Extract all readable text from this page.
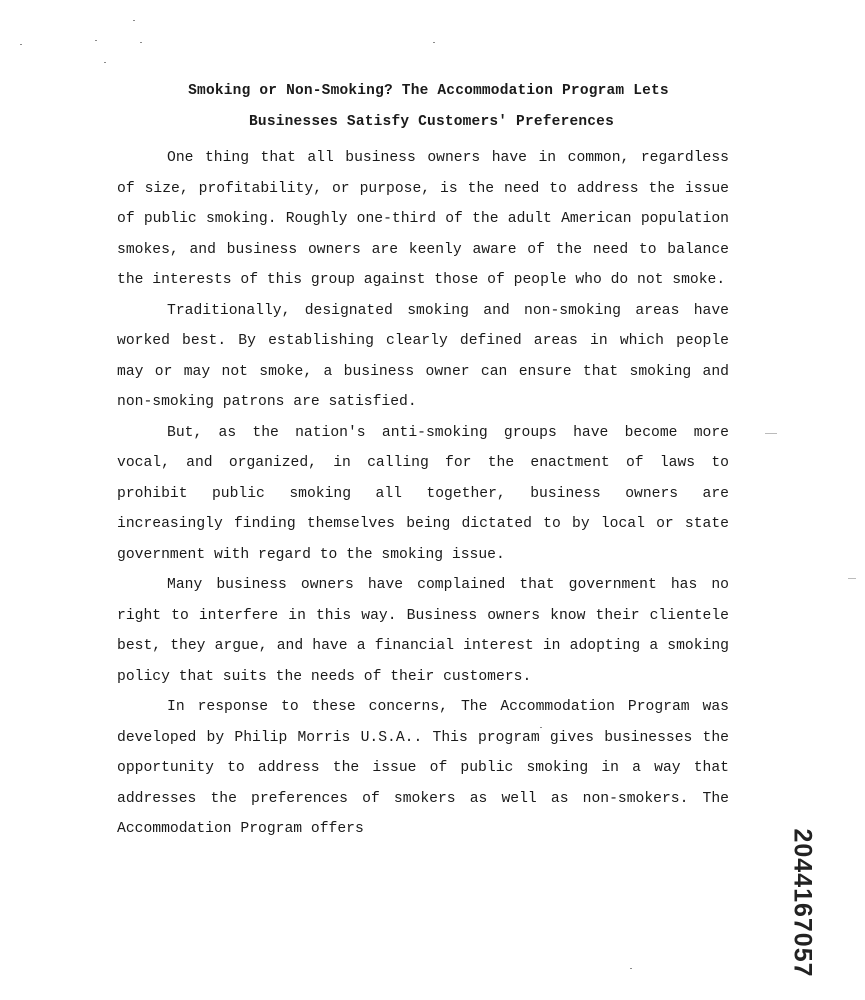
Smoking or Non-Smoking? The Accommodation Program Lets
Businesses Satisfy Customers' Preferences

One thing that all business owners have in common, regardless of size, profitability, or purpose, is the need to address the issue of public smoking. Roughly one-third of the adult American population smokes, and business owners are keenly aware of the need to balance the interests of this group against those of people who do not smoke.

Traditionally, designated smoking and non-smoking areas have worked best. By establishing clearly defined areas in which people may or may not smoke, a business owner can ensure that smoking and non-smoking patrons are satisfied.

But, as the nation's anti-smoking groups have become more vocal, and organized, in calling for the enactment of laws to prohibit public smoking all together, business owners are increasingly finding themselves being dictated to by local or state government with regard to the smoking issue.

Many business owners have complained that government has no right to interfere in this way. Business owners know their clientele best, they argue, and have a financial interest in adopting a smoking policy that suits the needs of their customers.

In response to these concerns, The Accommodation Program was developed by Philip Morris U.S.A.. This program gives businesses the opportunity to address the issue of public smoking in a way that addresses the preferences of smokers as well as non-smokers. The Accommodation Program offers	2044167057
